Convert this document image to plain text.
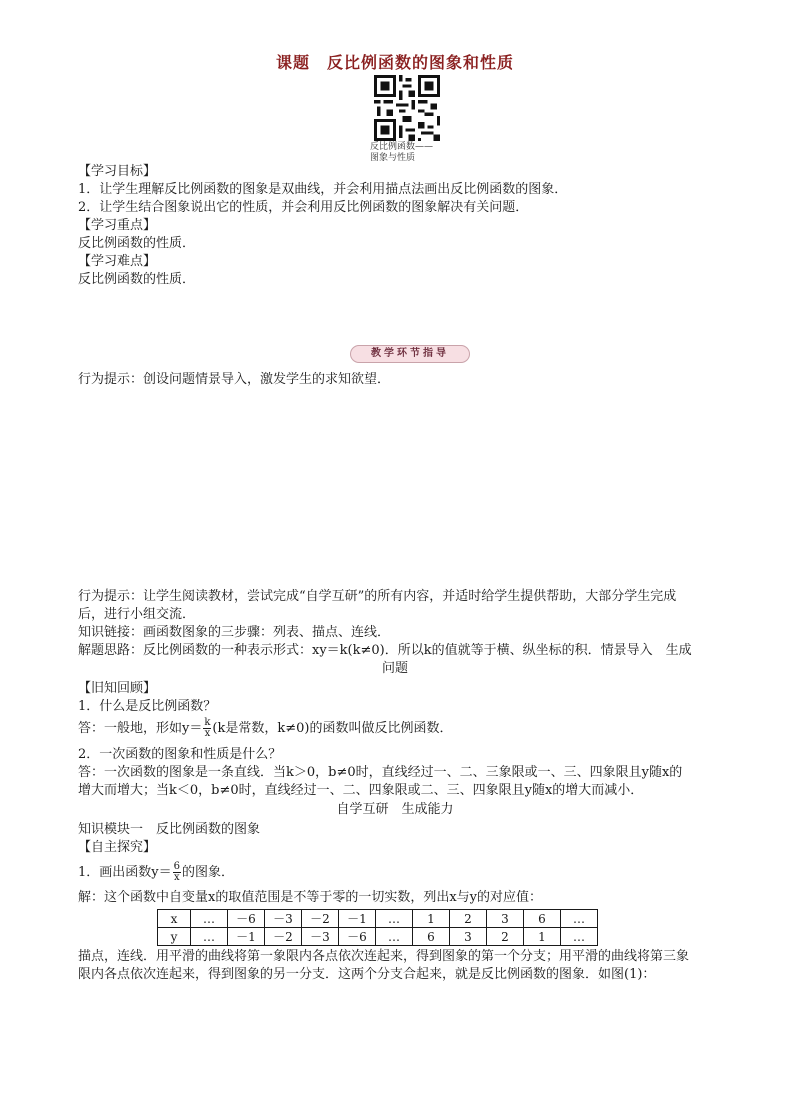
课题　反比例函数的图象和性质
反比例函数——
图象与性质
【学习目标】
1．让学生理解反比例函数的图象是双曲线，并会利用描点法画出反比例函数的图象．
2．让学生结合图象说出它的性质，并会利用反比例函数的图象解决有关问题．
【学习重点】
反比例函数的性质．
【学习难点】
反比例函数的性质．
教学环节指导
行为提示：创设问题情景导入，激发学生的求知欲望．
行为提示：让学生阅读教材，尝试完成“自学互研”的所有内容，并适时给学生提供帮助，大部分学生完成
后，进行小组交流．
知识链接：画函数图象的三步骤：列表、描点、连线．
解题思路：反比例函数的一种表示形式：xy＝k(k≠0)．所以k的值就等于横、纵坐标的积．情景导入　生成
问题
【旧知回顾】
1．什么是反比例函数？
答：一般地，形如$y= \frac{k}{x} (k$是常数，k≠0)的函数叫做反比例函数．
2．一次函数的图象和性质是什么？
答：一次函数的图象是一条直线．当k＞0，b≠0时，直线经过一、二、三象限或一、三、四象限且y随x的
增大而增大；当k＜0，b≠0时，直线经过一、二、四象限或二、三、四象限且y随x的增大而减小．
自学互研　生成能力
知识模块一　反比例函数的图象
【自主探究】
1．画出函数$y= \frac{6}{x}$ 的图象．
解：这个函数中自变量x的取值范围是不等于零的一切实数，列出x与y的对应值：
x	…	－6	－3	－2	－1	…	1	2	3	6	…
y	…	－1	－2	－3	－6	…	6	3	2	1	…
描点，连线．用平滑的曲线将第一象限内各点依次连起来，得到图象的第一个分支；用平滑的曲线将第三象
限内各点依次连起来，得到图象的另一分支．这两个分支合起来，就是反比例函数的图象．如图(1)：
